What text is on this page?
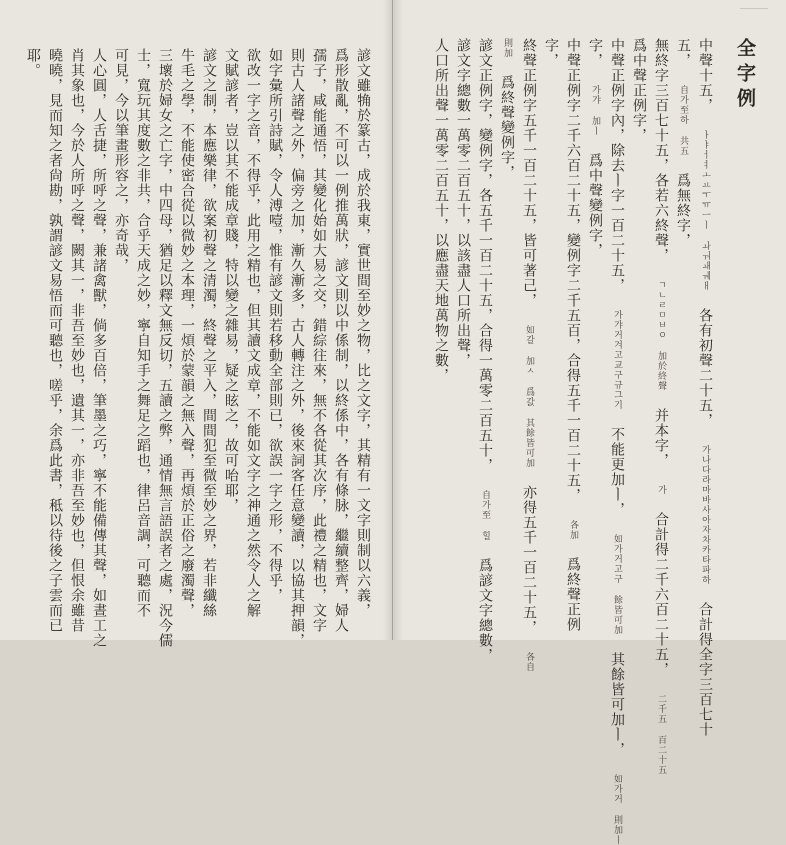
諺文雖觕於篆古，成於我東，實世間至妙之物，比之文字，其精有一文字則制以六義，
爲形散亂，不可以一例推萬狀，諺文則以中係制，以終係中，各有條脉，繼續整齊，婦人
孺子，咸能通悟，其變化始如大易之交，錯綜往來，無不各從其次序，此禮之精也，文字
則古人諸聲之外，偏旁之加，漸久漸多，古人轉注之外，後來詞客任意變讀，以協其押韻，
如字彙所引詩賦，令人溥噎，惟有諺文則若移動全部則已，欲誤一字之形，不得乎，
欲改一字之音，不得乎，此用之精也，但其讀文成章，不能如文字之神通之然令人之解
文賦諺者，豈以其不能成章賤，特以變之雜易，疑之眩之，故可咍耶，
諺文之制，本應樂律，欲案初聲之清濁，終聲之平入，間間犯至微至妙之界，若非纖絲
牛毛之學，不能使密合從以微妙之本理，一煩於蒙韻之無入聲，再煩於正俗之廢濁聲，
三壞於婦女之亡字，中四母，猶足以釋文無反切，五讀之弊，通情無言語誤者之處，況今儒
士，寬玩其度數之非共，合乎天成之妙，寧自知手之舞足之蹈也，律呂音調，可聽而不
可見，今以筆畫形容之，亦奇哉，
人心圓，人舌捷，所呼之聲，兼諸禽獸，倘多百倍，筆墨之巧，寧不能備傳其聲，如晝工之
肖其象也，今於人所呼之聲，闕其一，非吾至妙也，遺其一，亦非吾至妙也，但恨余雖昔
曉曉，見而知之者尙勘，孰謂諺文易悟而可聽也，嗟乎，余爲此書，秪以待後之子雲而已
耶。	全字例
中聲十五， ㅏㅑㅓㅕㅗㅛㅜㅠㅡㅣ ㅘㅝㅙㅞㅐ 各有初聲二十五， 가나다라마바사아자차카타파하 合計得全字三百七十
五， 自가至하 共五 爲無終字，
無終字三百七十五，各若六終聲， ㄱㄴㄹㅁㅂㅇ 加於終聲 并本字， 가 合計得二千六百二十五， 二千五 百二十五
爲中聲正例字，
中聲正例字內，除去ㅣ字一百二十五， 가갸거겨고교구규그기 不能更加ㅣ， 如가거고구 餘皆可加 其餘皆可加ㅣ， 如가거 則加ㅣ
字， 가갸 加ㅣ 爲中聲變例字，
中聲正例字二千六百二十五，變例字二千五百，合得五千一百二十五， 各加 爲終聲正例
字，
終聲正例字五千一百二十五，皆可著己， 如갈 加ㅅ 爲갌 其餘皆可加 亦得五千一百二十五， 各自
則加 爲終聲變例字，
諺文正例字，變例字，各五千一百二十五，合得一萬零二百五十， 自가至 힐 爲諺文字總數，
諺文字總數一萬零二百五十，以該盡人口所出聲，
人口所出聲一萬零二百五十，以應盡天地萬物之數，
